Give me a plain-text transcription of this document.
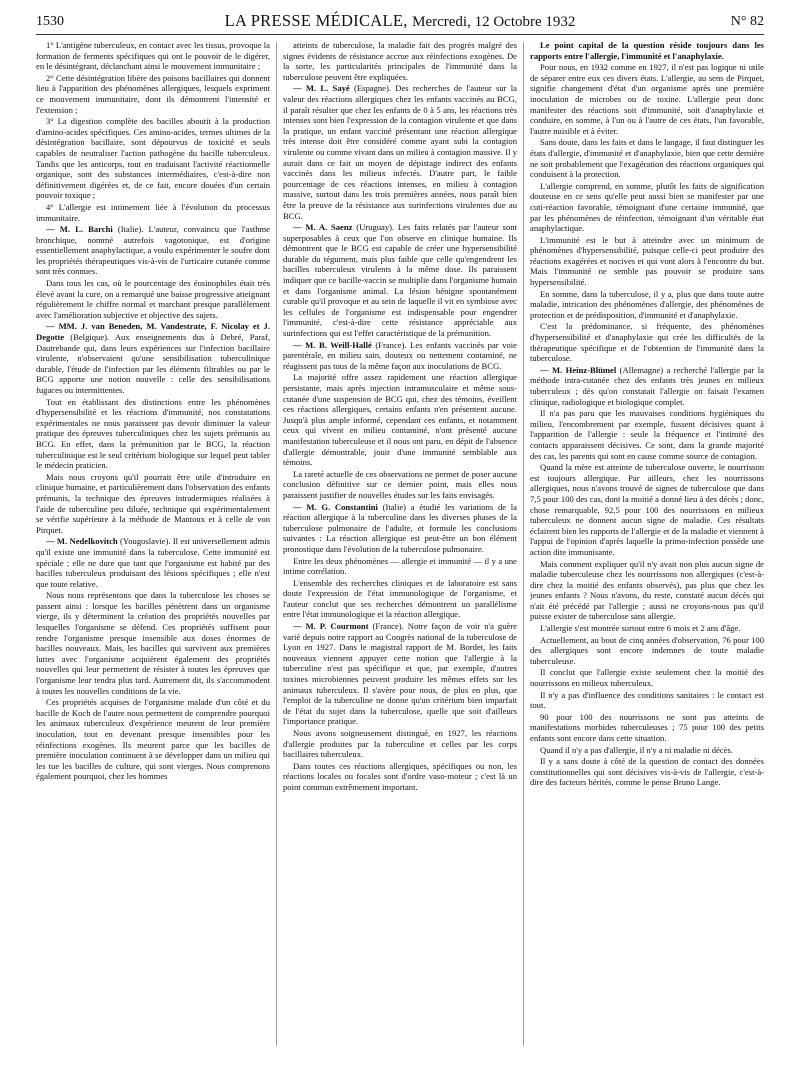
1530	LA PRESSE MÉDICALE, Mercredi, 12 Octobre 1932	N° 82

1° L'antigène tuberculeux, en contact avec les tissus, provoque la formation de ferments spécifiques qui ont le pouvoir de le digérer, en le désintégrant, déclanchant ainsi le mouvement immunitaire ;

2° Cette désintégration libère des poisons bacillaires qui donnent lieu à l'apparition des phénomènes allergiques, lesquels expriment ce mouvement immunitaire, dont ils démontrent l'intensité et l'extension ;

3° La digestion complète des bacilles aboutit à la production d'amino-acides spécifiques. Ces amino-acides, termes ultimes de la désintégration bacillaire, sont dépourvus de toxicité et seuls capables de neutraliser l'action pathogène du bacille tuberculeux. Tandis que les anticorps, tout en traduisant l'activité réactionnelle organique, sont des substances intermédiaires, c'est-à-dire non définitivement digérées et, de ce fait, encore douées d'un certain pouvoir toxique ;

4° L'allergie est intimement liée à l'évolution du processus immunitaire.

— M. L. Barchi (Italie). L'auteur, convaincu que l'asthme bronchique, nommé autrefois vagotonique, est d'origine essentiellement anaphylactique, a voulu expérimenter le soufre dont les propriétés thérapeutiques vis-à-vis de l'urticaire cutanée comme sont très connues.

Dans tous les cas, où le pourcentage des éosinophiles était très élevé avant la cure, on a remarqué une baisse progressive atteignant régulièrement le chiffre normal et marchant presque parallèlement avec l'amélioration subjective et objective des sujets.

— MM. J. van Beneden, M. Vandestrate, F. Nicolay et J. Degotte (Belgique). Aux enseignements dus à Debré, Paraf, Dautrebande qui, dans leurs expériences sur l'infection bacillaire virulente, n'observaient qu'une sensibilisation tuberculinique durable, l'étude de l'infection par les éléments filtrables ou par le BCG apporte une notion nouvelle : celle des sensibilisations fugaces ou intermittentes.

Tout en établissant des distinctions entre les phénomènes d'hypersensibilité et les réactions d'immunité, nos constatations expérimentales ne nous paraissent pas devoir diminuer la valeur pratique des épreuves tuberculiniques chez les sujets prémunis au BCG. En effet, dans la prémunition par le BCG, la réaction tuberculinique est le seul critérium biologique sur lequel peut tabler le médecin praticien.

Mais nous croyons qu'il pourrait être utile d'introduire en clinique humaine, et particulièrement dans l'observation des enfants prémunis, la technique des épreuves intradermiques réalisées à l'aide de tuberculine peu diluée, technique qui expérimentalement se vérifie supérieure à la méthode de Mantoux et à celle de von Pirquet.

— M. Nedelkovitch (Yougoslavie). Il est universellement admis qu'il existe une immunité dans la tuberculose. Cette immunité est spéciale ; elle ne dure que tant que l'organisme est habité par des bacilles tuberculeux produisant des lésions spécifiques ; elle n'est que toute relative.

Nous nous représentons que dans la tuberculose les choses se passent ainsi : lorsque les bacilles pénètrent dans un organisme vierge, ils y déterminent la création des propriétés nouvelles par lesquelles l'organisme se défend. Ces propriétés suffisent pour rendre l'organisme presque insensible aux doses énormes de bacilles nouveaux. Mais, les bacilles qui survivent aux premières luttes avec l'organisme acquièrent également des propriétés nouvelles qui leur permettent de résister à toutes les épreuves que l'organisme leur tendra plus tard. Autrement dit, ils s'accommodent à toutes les nouvelles conditions de la vie.

Ces propriétés acquises de l'organisme malade d'un côté et du bacille de Koch de l'autre nous permettent de comprendre pourquoi les animaux tuberculeux d'expérience meurent de leur première inoculation, tout en devenant presque insensibles pour les réinfections exogènes. Ils meurent parce que les bacilles de première inoculation continuent à se développer dans un milieu qui les tue les bacilles de culture, qui sont vierges. Nous comprenons également pourquoi, chez les hommes

atteints de tuberculose, la maladie fait des progrès malgré des signes évidents de résistance accrue aux réinfections exogènes. De la sorte, les particularités principales de l'immunité dans la tuberculose peuvent être expliquées.

— M. L. Sayé (Espagne). Des recherches de l'auteur sur la valeur des réactions allergiques chez les enfants vaccinés au BCG, il paraît résulter que chez les enfants de 0 à 5 ans, les réactions très intenses sont bien l'expression de la contagion virulente et que dans la pratique, un enfant vacciné présentant une réaction allergique très intense doit être considéré comme ayant subi la contagion virulente ou comme vivant dans un milieu à contagion massive. Il y aurait dans ce fait un moyen de dépistage indirect des enfants vaccinés dans les milieux infectés. D'autre part, le faible pourcentage de ces réactions intenses, en milieu à contagion massive, surtout dans les trois premières années, nous paraît bien être la preuve de la résistance aux surinfections virulentes due au BCG.

— M. A. Saenz (Uruguay). Les faits relatés par l'auteur sont superposables à ceux que l'on observe en clinique humaine. Ils démontrent que le BCG est capable de créer une hypersensibilité durable du tégument, mais plus faible que celle qu'engendrent les bacilles tuberculeux virulents à la même dose. Ils paraissent indiquer que ce bacille-vaccin se multiplie dans l'organisme humain et dans l'organisme animal. La lésion bénigne spontanément curable qu'il provoque et au sein de laquelle il vit en symbiose avec les cellules de l'organisme est indispensable pour engendrer l'immunité, c'est-à-dire cette résistance appréciable aux surinfections qui est l'effet caractéristique de la prémunition.

— M. B. Weill-Hallé (France). Les enfants vaccinés par voie parentérale, en milieu sain, douteux ou nettement contaminé, ne réagissent pas tous de la même façon aux inoculations de BCG.

La majorité offre assez rapidement une réaction allergique persistante, mais après injection intramusculaire et même sous-cutanée d'une suspension de BCG qui, chez des témoins, éveillent ces réactions allergiques, certains enfants n'en présentent aucune. Jusqu'à plus ample informé, cependant ces enfants, et notamment ceux qui vivent en milieu contaminé, n'ont présenté aucune manifestation tuberculeuse et il nous ont paru, en dépit de l'absence d'allergie démontrable, jouir d'une immunité semblable aux témoins.

La rareté actuelle de ces observations ne permet de poser aucune conclusion définitive sur ce dernier point, mais elles nous paraissent justifier de nouvelles études sur les faits envisagés.

— M. G. Constantini (Italie) a étudié les variations de la réaction allergique à la tuberculine dans les diverses phases de la tuberculose pulmonaire de l'adulte, et formule les conclusions suivantes : La réaction allergique est peut-être un bon élément pronostique dans l'évolution de la tuberculose pulmonaire.

Entre les deux phénomènes — allergie et immunité — il y a une intime corrélation.

L'ensemble des recherches cliniques et de laboratoire est sans doute l'expression de l'état immunologique de l'organisme, et l'auteur conclut que ses recherches démontrent un parallélisme entre l'état immunologique et la réaction allergique.

— M. P. Courmont (France). Notre façon de voir n'a guère varié depuis notre rapport au Congrès national de la tuberculose de Lyon en 1927. Dans le magistral rapport de M. Bordet, les faits nouveaux viennent appuyer cette notion que l'allergie à la tuberculine n'est pas spécifique et que, par exemple, d'autres toxines microbiennes peuvent produire les mêmes effets sur les animaux tuberculeux. Il s'avère pour nous, de plus en plus, que l'emploi de la tuberculine ne donne qu'un critérium bien imparfait de l'état du sujet dans la tuberculose, quelle que soit d'ailleurs l'importance pratique.

Nous avons soigneusement distingué, en 1927, les réactions d'allergie produites par la tuberculine et celles par les corps bacillaires tuberculeux.

Dans toutes ces réactions allergiques, spécifiques ou non, les réactions locales ou focales sont d'ordre vaso-moteur ; c'est là un point commun extrêmement important.

Le point capital de la question réside toujours dans les rapports entre l'allergie, l'immunité et l'anaphylaxie.

Pour nous, en 1932 comme en 1927, il n'est pas logique ni utile de séparer entre eux ces divers états. L'allergie, au sens de Pirquet, signifie changement d'état d'un organisme après une première inoculation de microbes ou de toxine. L'allergie peut donc manifester des réactions soit d'immunité, soit d'anaphylaxie et conduire, en somme, à l'un ou à l'autre de ces états, l'un favorable, l'autre nuisible et à éviter.

Sans doute, dans les faits et dans le langage, il faut distinguer les états d'allergie, d'immunité et d'anaphylaxie, bien que cette dernière ne soit probablement que l'exagération des réactions organiques qui conduisent à la protection.

L'allergie comprend, en somme, plutôt les faits de signification douteuse en ce sens qu'elle peut aussi bien se manifester par une cuti-réaction favorable, témoignant d'une certaine immunité, que par les phénomènes de réinfection, témoignant d'un véritable état anaphylactique.

L'immunité est le but à atteindre avec un minimum de phénomènes d'hypersensibilité, puisque celle-ci peut produire des réactions exagérées et nocives et qui vont alors à l'encontre du but. Mais l'immunité ne semble pas pouvoir se produire sans hypersensibilité.

En somme, dans la tuberculose, il y a, plus que dans toute autre maladie, intrication des phénomènes d'allergie, des phénomènes de protection et de prédisposition, d'immunité et d'anaphylaxie.

C'est la prédominance, si fréquente, des phénomènes d'hypersensibilité et d'anaphylaxie qui crée les difficultés de la thérapeutique spécifique et de l'obtention de l'immunité dans la tuberculose.

— M. Heinz-Blümel (Allemagne) a recherché l'allergie par la méthode intra-cutanée chez des enfants très jeunes en milieux tuberculeux ; dès qu'on constatait l'allergie on faisait l'examen clinique, radiologique et biologique complet.

Il n'a pas paru que les mauvaises conditions hygiéniques du milieu, l'encombrement par exemple, fussent décisives quant à l'apparition de l'allergie : seule la fréquence et l'intimité des contacts apparaissent décisives. Ce sont, dans la grande majorité des cas, les parents qui sont en cause comme source de contagion.

Quand la mère est atteinte de tuberculose ouverte, le nourrisson est toujours allergique. Par ailleurs, chez les nourrissons allergiques, nous n'avons trouvé de signes de tuberculose que dans 7,5 pour 100 des cas, dont la moitié a donné lieu à des décès ; donc, chose remarquable, 92,5 pour 100 des nourrissons en milieux tuberculeux ne donnent aucun signe de maladie. Ces résultats éclairent bien les rapports de l'allergie et de la maladie et viennent à l'appui de l'opinion d'après laquelle la primo-infection possède une action dite immunisante.

Mais comment expliquer qu'il n'y avait non plus aucun signe de maladie tuberculeuse chez les nourrissons non allergiques (c'est-à-dire chez la moitié des enfants observés), pas plus que chez les jeunes enfants ? Nous n'avons, du reste, constaté aucun décès qui n'ait été précédé par l'allergie ; aussi ne croyons-nous pas qu'il puisse exister de tuberculose sans allergie.

L'allergie s'est montrée surtout entre 6 mois et 2 ans d'âge.

Actuellement, au bout de cinq années d'observation, 76 pour 100 des allergiques sont encore indemnes de toute maladie tuberculeuse.

Il conclut que l'allergie existe seulement chez la moitié des nourrissons en milieux tuberculeux.

Il n'y a pas d'influence des conditions sanitaires : le contact est tout.

90 pour 100 des nourrissons ne sont pas atteints de manifestations morbides tuberculeuses ; 75 pour 100 des petits enfants sont encore dans cette situation.

Quand il n'y a pas d'allergie, il n'y a ni maladie ni décès.

Il y a sans doute à côté de la question de contact des données constitutionnelles qui sont décisives vis-à-vis de l'allergie, c'est-à-dire des facteurs hérités, comme le pense Bruno Lange.
